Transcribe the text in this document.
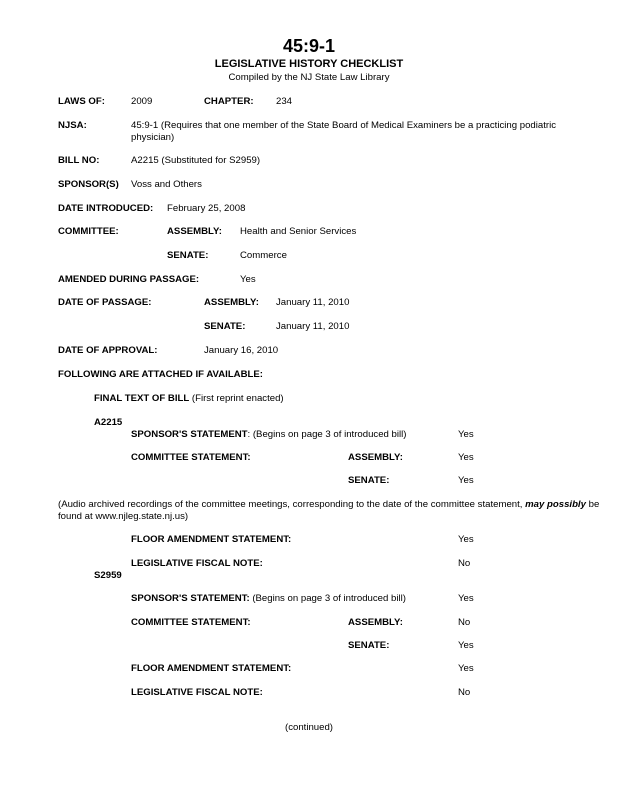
45:9-1
LEGISLATIVE HISTORY CHECKLIST
Compiled by the NJ State Law Library
LAWS OF:	2009	CHAPTER: 234
NJSA:	45:9-1 (Requires that one member of the State Board of Medical Examiners be a practicing podiatric physician)
BILL NO:	A2215 (Substituted for S2959)
SPONSOR(S) Voss and Others
DATE INTRODUCED: February 25, 2008
COMMITTEE:	ASSEMBLY: Health and Senior Services
SENATE:	Commerce
AMENDED DURING PASSAGE:	Yes
DATE OF PASSAGE:	ASSEMBLY: January 11, 2010
SENATE:	January 11, 2010
DATE OF APPROVAL:	January 16, 2010
FOLLOWING ARE ATTACHED IF AVAILABLE:
FINAL TEXT OF BILL (First reprint enacted)
A2215
SPONSOR'S STATEMENT: (Begins on page 3 of introduced bill)	Yes
COMMITTEE STATEMENT:	ASSEMBLY:	Yes
SENATE:	Yes
(Audio archived recordings of the committee meetings, corresponding to the date of the committee statement, may possibly be found at www.njleg.state.nj.us)
FLOOR AMENDMENT STATEMENT:	Yes
LEGISLATIVE FISCAL NOTE:	No
S2959
SPONSOR'S STATEMENT: (Begins on page 3 of introduced bill)	Yes
COMMITTEE STATEMENT:	ASSEMBLY:	No
SENATE:	Yes
FLOOR AMENDMENT STATEMENT:	Yes
LEGISLATIVE FISCAL NOTE:	No
(continued)
